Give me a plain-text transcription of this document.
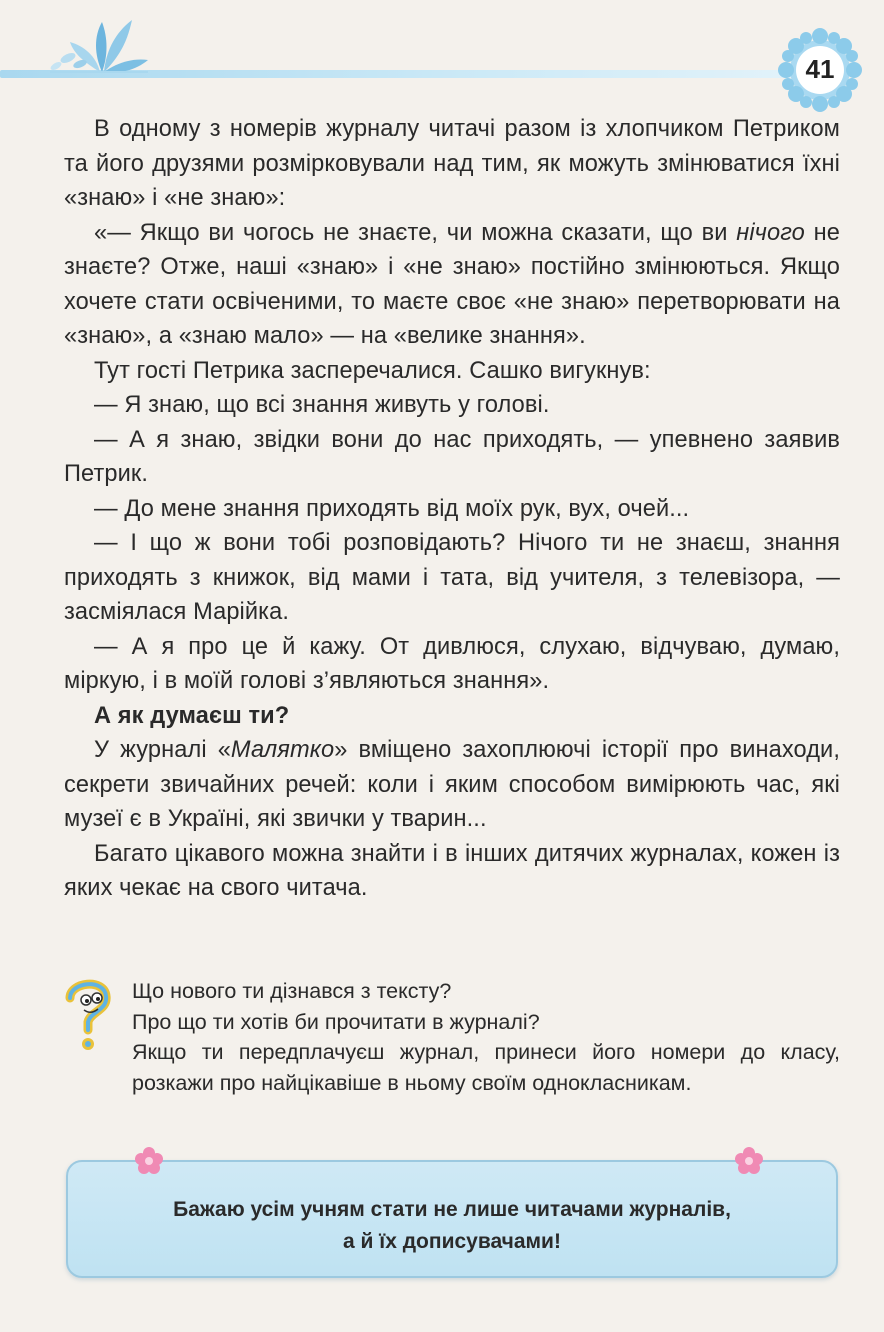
41

В одному з номерів журналу читачі разом із хлопчиком Петриком та його друзями розмірковували над тим, як можуть змінюватися їхні «знаю» і «не знаю»:

«— Якщо ви чогось не знаєте, чи можна сказати, що ви нічого не знаєте? Отже, наші «знаю» і «не знаю» постійно змінюються. Якщо хочете стати освіченими, то маєте своє «не знаю» перетворювати на «знаю», а «знаю мало» — на «велике знання».

Тут гості Петрика засперечалися. Сашко вигукнув:

— Я знаю, що всі знання живуть у голові.

— А я знаю, звідки вони до нас приходять, — упевнено заявив Петрик.

— До мене знання приходять від моїх рук, вух, очей...

— І що ж вони тобі розповідають? Нічого ти не знаєш, знання приходять з книжок, від мами і тата, від учителя, з телевізора, — засміялася Марійка.

— А я про це й кажу. От дивлюся, слухаю, відчуваю, думаю, міркую, і в моїй голові з’являються знання».

А як думаєш ти?

У журналі «Малятко» вміщено захоплюючі історії про винаходи, секрети звичайних речей: коли і яким способом вимірюють час, які музеї є в Україні, які звички у тварин...

Багато цікавого можна знайти і в інших дитячих журналах, кожен із яких чекає на свого читача.

Що нового ти дізнався з тексту?

Про що ти хотів би прочитати в журналі?

Якщо ти передплачуєш журнал, принеси його номери до класу, розкажи про найцікавіше в ньому своїм однокласникам.

Бажаю усім учням стати не лише читачами журналів,
а й їх дописувачами!
